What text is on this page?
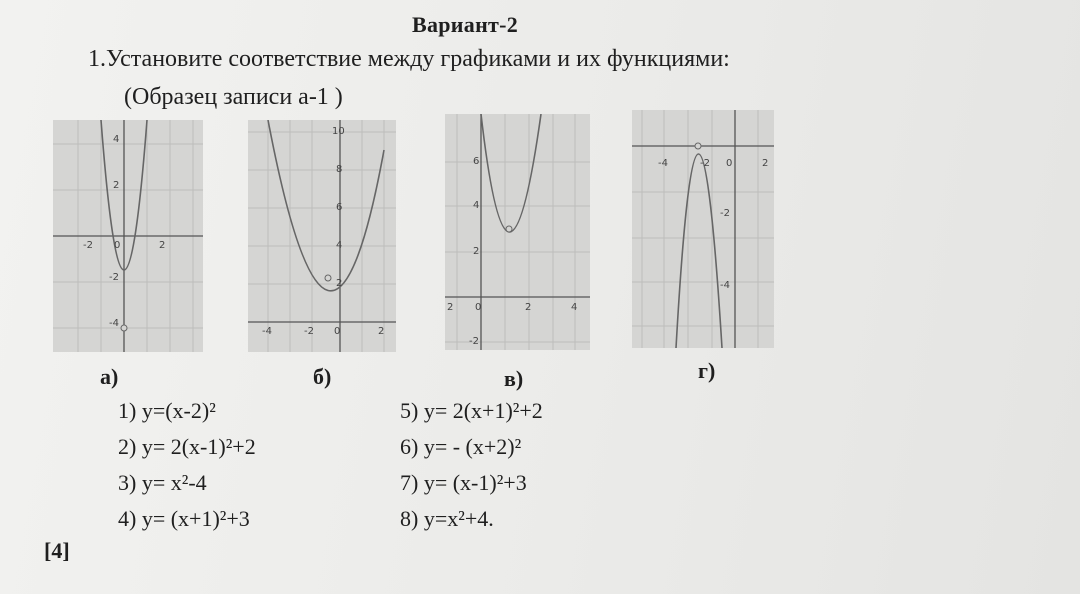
Вариант-2
1.Установите соответствие между графиками и их функциями:
(Образец записи а-1 )
4
2
-2
-4
-2 0	2
а)
10
8
6
4
2
-4	-2 0	2
б)
6
4
2
-2
2 0	2	4
в)
-4	-2 0	2
-2
-4
г)
1) y=(x-2)²
2) y= 2(x-1)²+2
3) y= x²-4
4) y= (x+1)²+3
5) y= 2(x+1)²+2
6) y= - (x+2)²
7) y= (x-1)²+3
8) y=x²+4.
[4]
